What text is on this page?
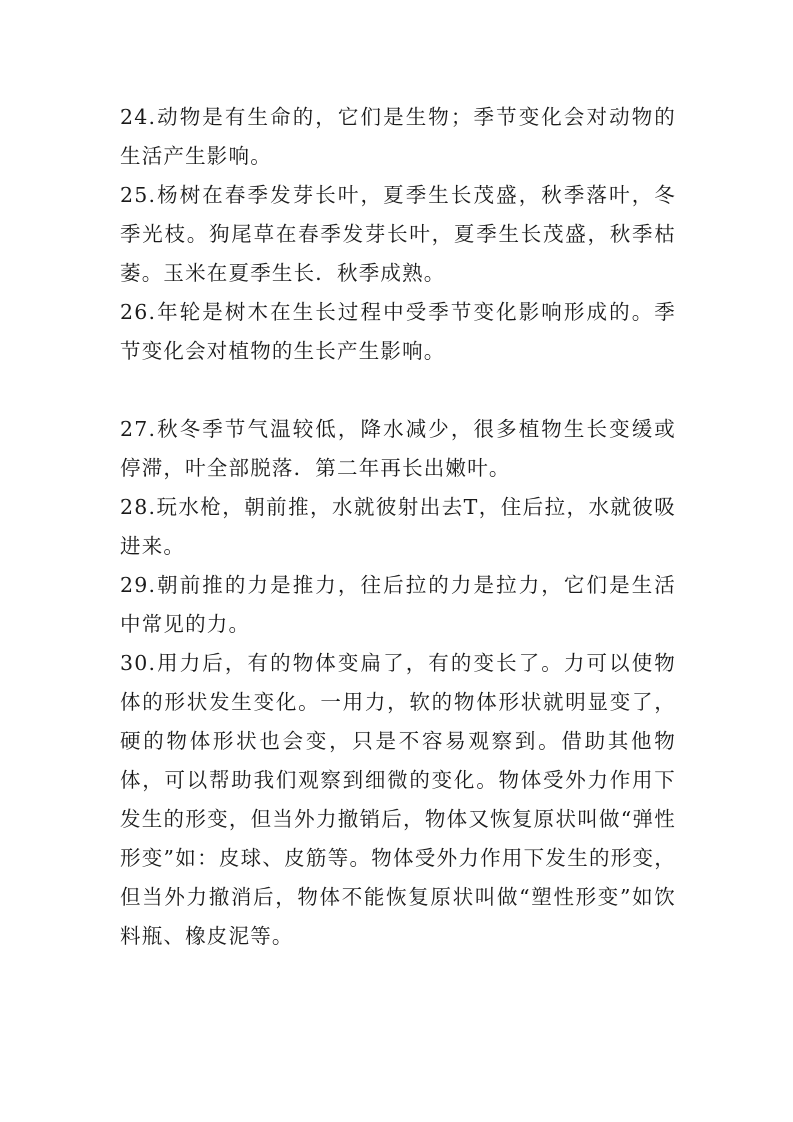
24.动物是有生命的，它们是生物；季节变化会对动物的生活产生影响。

25.杨树在春季发芽长叶，夏季生长茂盛，秋季落叶，冬季光枝。狗尾草在春季发芽长叶，夏季生长茂盛，秋季枯萎。玉米在夏季生长．秋季成熟。

26.年轮是树木在生长过程中受季节变化影响形成的。季节变化会对植物的生长产生影响。

27.秋冬季节气温较低，降水减少，很多植物生长变缓或停滞，叶全部脱落．第二年再长出嫩叶。

28.玩水枪，朝前推，水就彼射出去T，住后拉，水就彼吸进来。

29.朝前推的力是推力，往后拉的力是拉力，它们是生活中常见的力。

30.用力后，有的物体变扁了，有的变长了。力可以使物体的形状发生变化。一用力，软的物体形状就明显变了，硬的物体形状也会变，只是不容易观察到。借助其他物体，可以帮助我们观察到细微的变化。物体受外力作用下发生的形变，但当外力撤销后，物体又恢复原状叫做“弹性形变”如：皮球、皮筋等。物体受外力作用下发生的形变，但当外力撤消后，物体不能恢复原状叫做“塑性形变”如饮料瓶、橡皮泥等。
